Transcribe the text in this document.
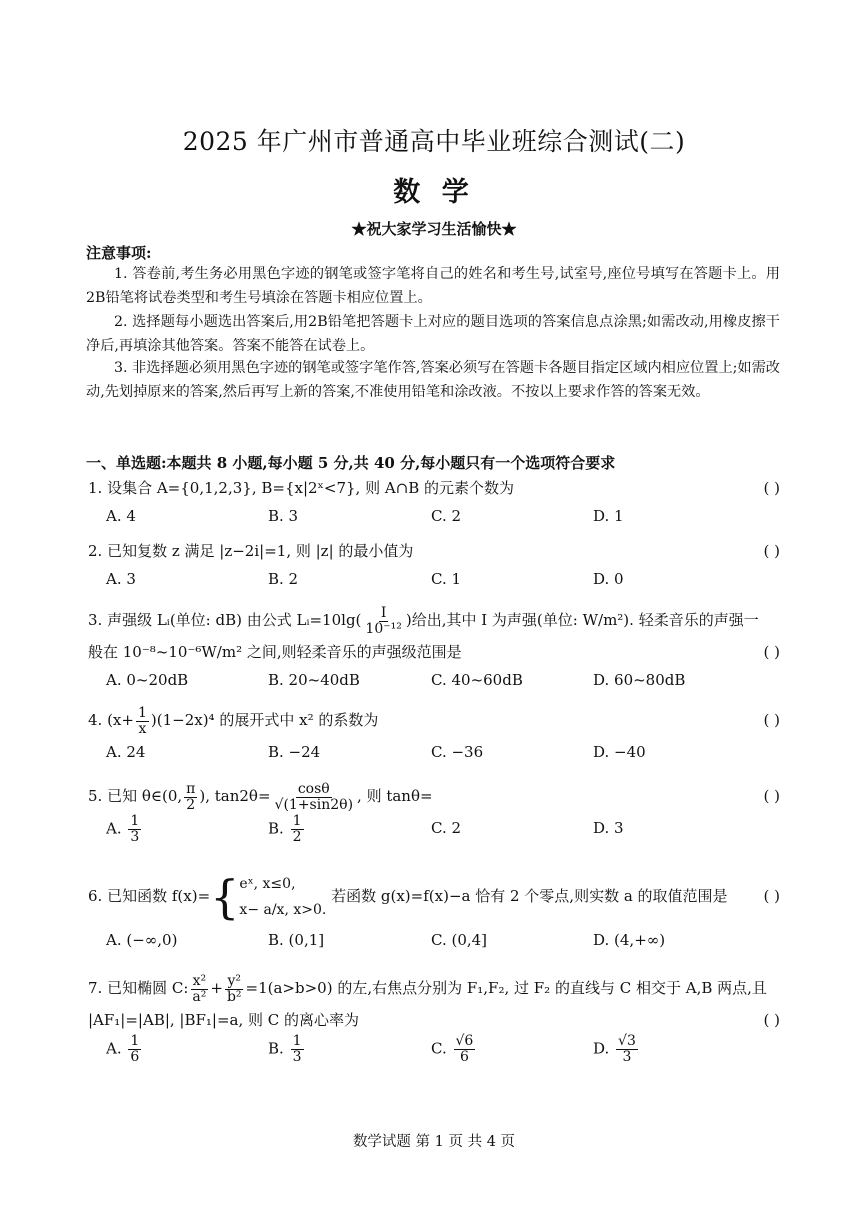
2025 年广州市普通高中毕业班综合测试(二)
数 学
★祝大家学习生活愉快★
注意事项:
1. 答卷前,考生务必用黑色字迹的钢笔或签字笔将自己的姓名和考生号,试室号,座位号填写在答题卡上。用2B铅笔将试卷类型和考生号填涂在答题卡相应位置上。
2. 选择题每小题选出答案后,用2B铅笔把答题卡上对应的题目选项的答案信息点涂黑;如需改动,用橡皮擦干净后,再填涂其他答案。答案不能答在试卷上。
3. 非选择题必须用黑色字迹的钢笔或签字笔作答,答案必须写在答题卡各题目指定区域内相应位置上;如需改动,先划掉原来的答案,然后再写上新的答案,不准使用铅笔和涂改液。不按以上要求作答的答案无效。
一、单选题:本题共 8 小题,每小题 5 分,共 40 分,每小题只有一个选项符合要求
1. 设集合 A={0,1,2,3}, B={x|2ˣ<7}, 则 A∩B 的元素个数为	( )
A. 4	B. 3	C. 2	D. 1
2. 已知复数 z 满足 |z−2i|=1, 则 |z| 的最小值为	( )
A. 3	B. 2	C. 1	D. 0
3. 声强级 Lᵢ(单位: dB) 由公式 Lᵢ=10lg( $\frac{I}{\text{10⁻¹²}}$ )给出,其中 I 为声强(单位: W/m²). 轻柔音乐的声强一
般在 10⁻⁸~10⁻⁶W/m² 之间,则轻柔音乐的声强级范围是	( )
A. 0~20dB	B. 20~40dB	C. 40~60dB	D. 60~80dB
4. $(x+ \frac{1}{x} )(1-2x)^4$ 的展开式中 x² 的系数为	( )
A. 24	B. −24	C. −36	D. −40
5. 已知 θ∈(0, $\frac{\pi}{2}$ ), $\tan 2\theta= \frac{\cos\theta}{√(1+\sin 2\theta)}$ , 则 tanθ=	( )
A. $\frac{1}{3}$	B. $\frac{1}{2}$	C. 2	D. 3
6. 已知函数 f(x)={ eˣ, x≤0,
x− a/x, x>0.
若函数 g(x)=f(x)−a 恰有 2 个零点,则实数 a 的取值范围是 ( )
A. (−∞,0)	B. (0,1]	C. (0,4]	D. (4,+∞)
7. 已知椭圆 C: $\frac{\text{x²}}{\text{a²}} + \frac{\text{y²}}{\text{b²}} =1(a>b>0)$ 的左,右焦点分别为 F₁,F₂, 过 F₂ 的直线与 C 相交于 A,B 两点,且
|AF₁|=|AB|, |BF₁|=a, 则 C 的离心率为	( )
A. $\frac{1}{6}$	B. $\frac{1}{3}$	C. $\frac{√6}{6}$	D. $\frac{√3}{3}$
数学试题 第 1 页 共 4 页
